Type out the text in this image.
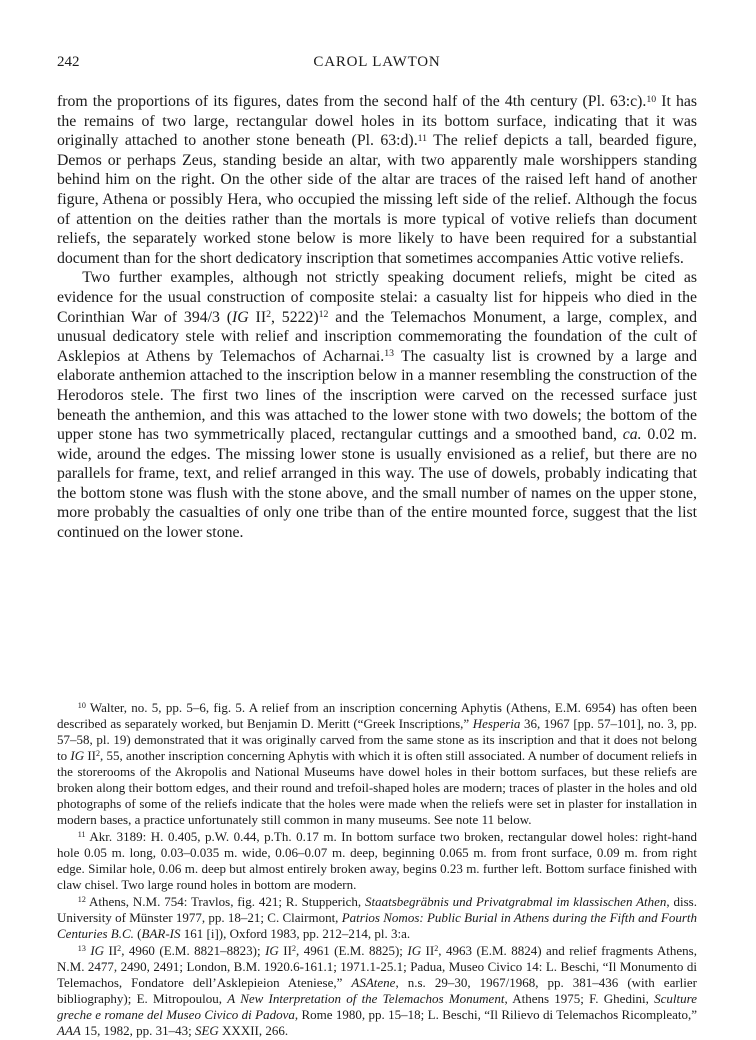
242	CAROL LAWTON

from the proportions of its figures, dates from the second half of the 4th century (Pl. 63:c).$^{10}$ It has the remains of two large, rectangular dowel holes in its bottom surface, indicating that it was originally attached to another stone beneath (Pl. 63:d).$^{11}$ The relief depicts a tall, bearded figure, Demos or perhaps Zeus, standing beside an altar, with two apparently male worshippers standing behind him on the right. On the other side of the altar are traces of the raised left hand of another figure, Athena or possibly Hera, who occupied the missing left side of the relief. Although the focus of attention on the deities rather than the mortals is more typical of votive reliefs than document reliefs, the separately worked stone below is more likely to have been required for a substantial document than for the short dedicatory inscription that sometimes accompanies Attic votive reliefs.

Two further examples, although not strictly speaking document reliefs, might be cited as evidence for the usual construction of composite stelai: a casualty list for hippeis who died in the Corinthian War of 394/3 (IG $II^2$, 5222)$^{12}$ and the Telemachos Monument, a large, complex, and unusual dedicatory stele with relief and inscription commemorating the foundation of the cult of Asklepios at Athens by Telemachos of Acharnai.$^{13}$ The casualty list is crowned by a large and elaborate anthemion attached to the inscription below in a manner resembling the construction of the Herodoros stele. The first two lines of the inscription were carved on the recessed surface just beneath the anthemion, and this was attached to the lower stone with two dowels; the bottom of the upper stone has two symmetrically placed, rectangular cuttings and a smoothed band, ca. 0.02 m. wide, around the edges. The missing lower stone is usually envisioned as a relief, but there are no parallels for frame, text, and relief arranged in this way. The use of dowels, probably indicating that the bottom stone was flush with the stone above, and the small number of names on the upper stone, more probably the casualties of only one tribe than of the entire mounted force, suggest that the list continued on the lower stone.

$^{10}$ Walter, no. 5, pp. 5–6, fig. 5. A relief from an inscription concerning Aphytis (Athens, E.M. 6954) has often been described as separately worked, but Benjamin D. Meritt (“Greek Inscriptions,” Hesperia 36, 1967 [pp. 57–101], no. 3, pp. 57–58, pl. 19) demonstrated that it was originally carved from the same stone as its inscription and that it does not belong to IG $II^2$, 55, another inscription concerning Aphytis with which it is often still associated. A number of document reliefs in the storerooms of the Akropolis and National Museums have dowel holes in their bottom surfaces, but these reliefs are broken along their bottom edges, and their round and trefoil-shaped holes are modern; traces of plaster in the holes and old photographs of some of the reliefs indicate that the holes were made when the reliefs were set in plaster for installation in modern bases, a practice unfortunately still common in many museums. See note 11 below.

$^{11}$ Akr. 3189: H. 0.405, p.W. 0.44, p.Th. 0.17 m. In bottom surface two broken, rectangular dowel holes: right-hand hole 0.05 m. long, 0.03–0.035 m. wide, 0.06–0.07 m. deep, beginning 0.065 m. from front surface, 0.09 m. from right edge. Similar hole, 0.06 m. deep but almost entirely broken away, begins 0.23 m. further left. Bottom surface finished with claw chisel. Two large round holes in bottom are modern.

$^{12}$ Athens, N.M. 754: Travlos, fig. 421; R. Stupperich, Staatsbegräbnis und Privatgrabmal im klassischen Athen, diss. University of Münster 1977, pp. 18–21; C. Clairmont, Patrios Nomos: Public Burial in Athens during the Fifth and Fourth Centuries B.C. (BAR-IS 161 [i]), Oxford 1983, pp. 212–214, pl. 3:a.

$^{13}$ IG $II^2$, 4960 (E.M. 8821–8823); IG $II^2$, 4961 (E.M. 8825); IG $II^2$, 4963 (E.M. 8824) and relief fragments Athens, N.M. 2477, 2490, 2491; London, B.M. 1920.6-161.1; 1971.1-25.1; Padua, Museo Civico 14: L. Beschi, “Il Monumento di Telemachos, Fondatore dell’Asklepieion Ateniese,” ASAtene, n.s. 29–30, 1967/1968, pp. 381–436 (with earlier bibliography); E. Mitropoulou, A New Interpretation of the Telemachos Monument, Athens 1975; F. Ghedini, Sculture greche e romane del Museo Civico di Padova, Rome 1980, pp. 15–18; L. Beschi, “Il Rilievo di Telemachos Ricompleato,” AAA 15, 1982, pp. 31–43; SEG XXXII, 266.
